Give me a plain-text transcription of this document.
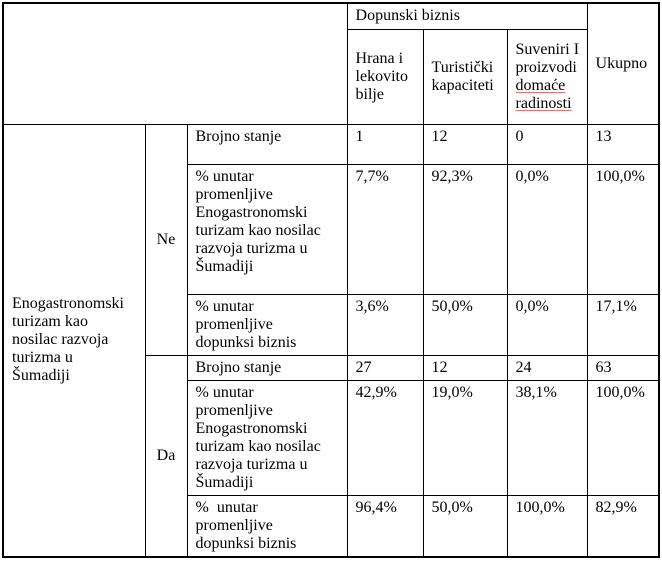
			Dopunski biznis			Ukupno
			Hrana i lekovito bilje	Turistički kapaciteti	Suveniri I proizvodi domaće radinosti	
Enogastronomski turizam kao nosilac razvoja turizma u Šumadiji	Ne	Brojno stanje	1	12	0	13
		% unutar promenljive Enogastronomski turizam kao nosilac razvoja turizma u Šumadiji	7,7%	92,3%	0,0%	100,0%
		% unutar promenljive dopunksi biznis	3,6%	50,0%	0,0%	17,1%
	Da	Brojno stanje	27	12	24	63
		% unutar promenljive Enogastronomski turizam kao nosilac razvoja turizma u Šumadiji	42,9%	19,0%	38,1%	100,0%
		%  unutar promenljive dopunksi biznis	96,4%	50,0%	100,0%	82,9%
